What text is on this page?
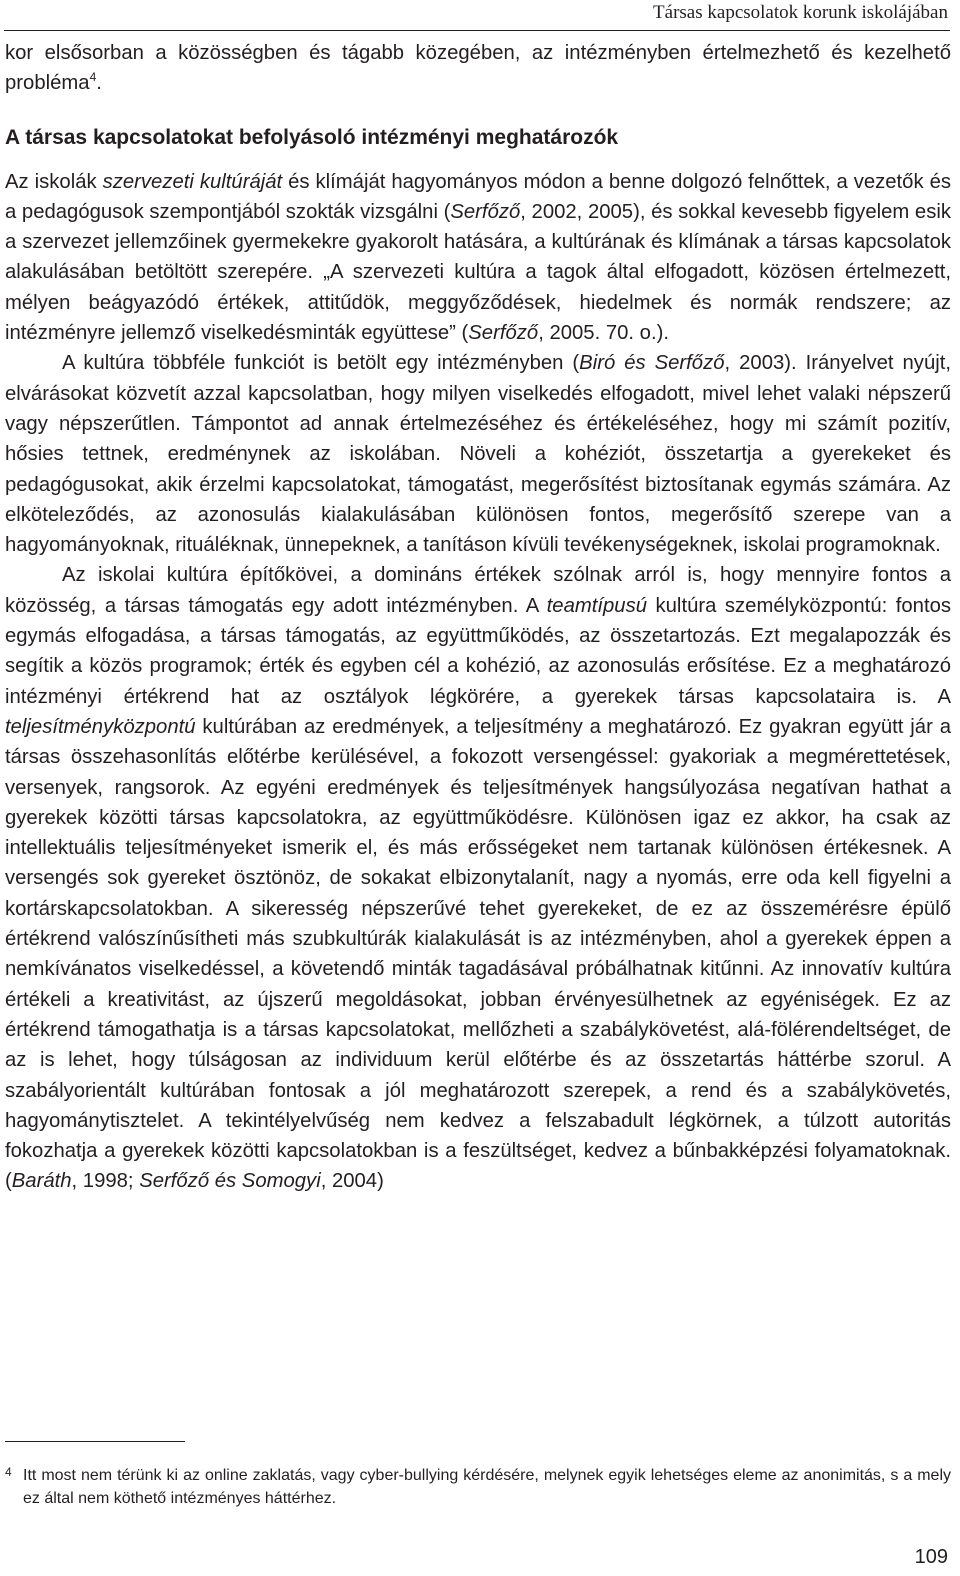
Társas kapcsolatok korunk iskolájában

kor elsősorban a közösségben és tágabb közegében, az intézményben értelmezhető és kezelhető probléma$^4$.

A társas kapcsolatokat befolyásoló intézményi meghatározók

Az iskolák szervezeti kultúráját és klímáját hagyományos módon a benne dolgozó felnőttek, a vezetők és a pedagógusok szempontjából szokták vizsgálni (Serfőző, 2002, 2005), és sokkal kevesebb figyelem esik a szervezet jellemzőinek gyermekekre gyakorolt hatására, a kultúrának és klímának a társas kapcsolatok alakulásában betöltött szerepére. „A szervezeti kultúra a tagok által elfogadott, közösen értelmezett, mélyen beágyazódó értékek, attitűdök, meggyőződések, hiedelmek és normák rendszere; az intézményre jellemző viselkedésminták együttese” (Serfőző, 2005. 70. o.).

A kultúra többféle funkciót is betölt egy intézményben (Biró és Serfőző, 2003). Irányelvet nyújt, elvárásokat közvetít azzal kapcsolatban, hogy milyen viselkedés elfogadott, mivel lehet valaki népszerű vagy népszerűtlen. Támpontot ad annak értelmezéséhez és értékeléséhez, hogy mi számít pozitív, hősies tettnek, eredménynek az iskolában. Növeli a kohéziót, összetartja a gyerekeket és pedagógusokat, akik érzelmi kapcsolatokat, támogatást, megerősítést biztosítanak egymás számára. Az elköteleződés, az azonosulás kialakulásában különösen fontos, megerősítő szerepe van a hagyományoknak, rituáléknak, ünnepeknek, a tanításon kívüli tevékenységeknek, iskolai programoknak.

Az iskolai kultúra építőkövei, a domináns értékek szólnak arról is, hogy mennyire fontos a közösség, a társas támogatás egy adott intézményben. A teamtípusú kultúra személyközpontú: fontos egymás elfogadása, a társas támogatás, az együttműködés, az összetartozás. Ezt megalapozzák és segítik a közös programok; érték és egyben cél a kohézió, az azonosulás erősítése. Ez a meghatározó intézményi értékrend hat az osztályok légkörére, a gyerekek társas kapcsolataira is. A teljesítményközpontú kultúrában az eredmények, a teljesítmény a meghatározó. Ez gyakran együtt jár a társas összehasonlítás előtérbe kerülésével, a fokozott versengéssel: gyakoriak a megmérettetések, versenyek, rangsorok. Az egyéni eredmények és teljesítmények hangsúlyozása negatívan hathat a gyerekek közötti társas kapcsolatokra, az együttműködésre. Különösen igaz ez akkor, ha csak az intellektuális teljesítményeket ismerik el, és más erősségeket nem tartanak különösen értékesnek. A versengés sok gyereket ösztönöz, de sokakat elbizonytalanít, nagy a nyomás, erre oda kell figyelni a kortárskapcsolatokban. A sikeresség népszerűvé tehet gyerekeket, de ez az összemérésre épülő értékrend valószínűsítheti más szubkultúrák kialakulását is az intézményben, ahol a gyerekek éppen a nemkívánatos viselkedéssel, a követendő minták tagadásával próbálhatnak kitűnni. Az innovatív kultúra értékeli a kreativitást, az újszerű megoldásokat, jobban érvényesülhetnek az egyéniségek. Ez az értékrend támogathatja is a társas kapcsolatokat, mellőzheti a szabálykövetést, alá-fölérendeltséget, de az is lehet, hogy túlságosan az individuum kerül előtérbe és az összetartás háttérbe szorul. A szabályorientált kultúrában fontosak a jól meghatározott szerepek, a rend és a szabálykövetés, hagyománytisztelet. A tekintélyelvűség nem kedvez a felszabadult légkörnek, a túlzott autoritás fokozhatja a gyerekek közötti kapcsolatokban is a feszültséget, kedvez a bűnbakképzési folyamatoknak. (Baráth, 1998; Serfőző és Somogyi, 2004)

4 Itt most nem térünk ki az online zaklatás, vagy cyber-bullying kérdésére, melynek egyik lehetséges eleme az anonimitás, s a mely ez által nem köthető intézményes háttérhez.
109
